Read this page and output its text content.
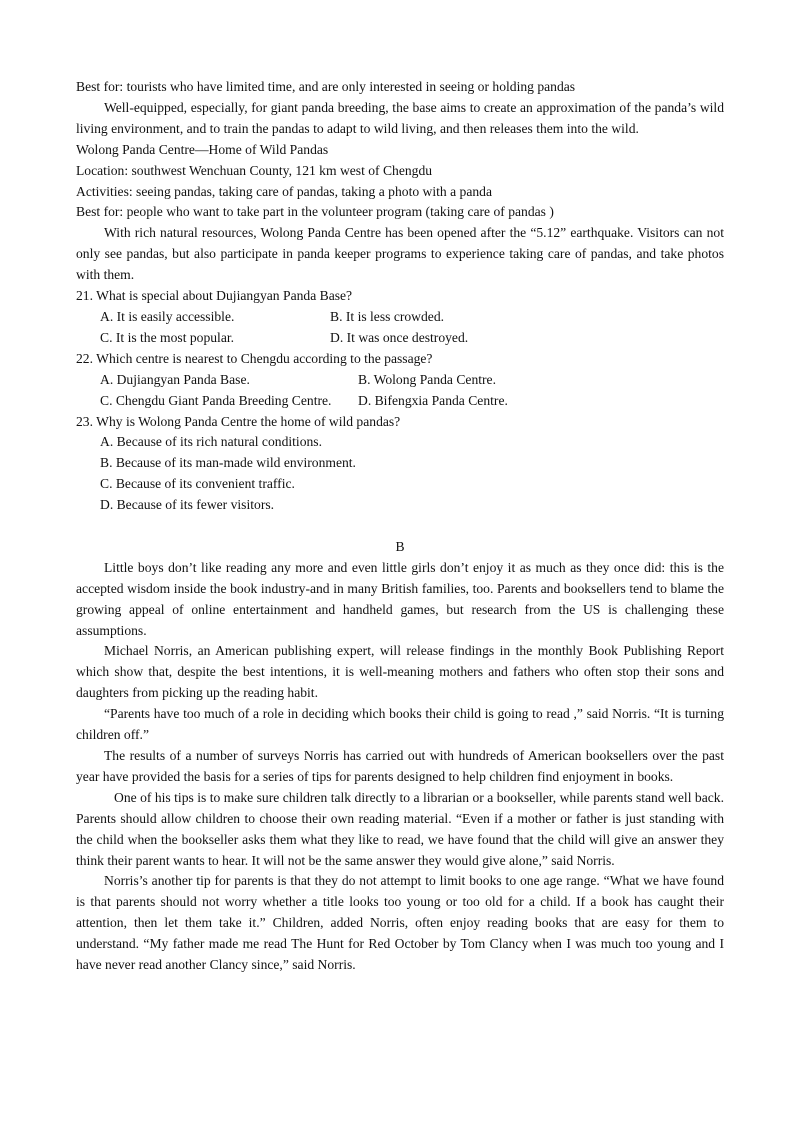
Best for: tourists who have limited time, and are only interested in seeing or holding pandas

Well-equipped, especially, for giant panda breeding, the base aims to create an approximation of the panda’s wild living environment, and to train the pandas to adapt to wild living, and then releases them into the wild.

Wolong Panda Centre—Home of Wild Pandas
Location: southwest Wenchuan County, 121 km west of Chengdu
Activities: seeing pandas, taking care of pandas, taking a photo with a panda
Best for: people who want to take part in the volunteer program (taking care of pandas )

With rich natural resources, Wolong Panda Centre has been opened after the “5.12” earthquake. Visitors can not only see pandas, but also participate in panda keeper programs to experience taking care of pandas, and take photos with them.

21. What is special about Dujiangyan Panda Base?
A. It is easily accessible.	B. It is less crowded.
C. It is the most popular.	D. It was once destroyed.
22. Which centre is nearest to Chengdu according to the passage?
A. Dujiangyan Panda Base.	B. Wolong Panda Centre.
C. Chengdu Giant Panda Breeding Centre. D. Bifengxia Panda Centre.
23. Why is Wolong Panda Centre the home of wild pandas?
A. Because of its rich natural conditions.
B. Because of its man-made wild environment.
C. Because of its convenient traffic.
D. Because of its fewer visitors.

B

Little boys don’t like reading any more and even little girls don’t enjoy it as much as they once did: this is the accepted wisdom inside the book industry-and in many British families, too. Parents and booksellers tend to blame the growing appeal of online entertainment and handheld games, but research from the US is challenging these assumptions.

Michael Norris, an American publishing expert, will release findings in the monthly Book Publishing Report which show that, despite the best intentions, it is well-meaning mothers and fathers who often stop their sons and daughters from picking up the reading habit.

“Parents have too much of a role in deciding which books their child is going to read ,” said Norris. “It is turning children off.”

The results of a number of surveys Norris has carried out with hundreds of American booksellers over the past year have provided the basis for a series of tips for parents designed to help children find enjoyment in books.

One of his tips is to make sure children talk directly to a librarian or a bookseller, while parents stand well back. Parents should allow children to choose their own reading material. “Even if a mother or father is just standing with the child when the bookseller asks them what they like to read, we have found that the child will give an answer they think their parent wants to hear. It will not be the same answer they would give alone,” said Norris.

Norris’s another tip for parents is that they do not attempt to limit books to one age range. “What we have found is that parents should not worry whether a title looks too young or too old for a child. If a book has caught their attention, then let them take it.” Children, added Norris, often enjoy reading books that are easy for them to understand. “My father made me read The Hunt for Red October by Tom Clancy when I was much too young and I have never read another Clancy since,” said Norris.
